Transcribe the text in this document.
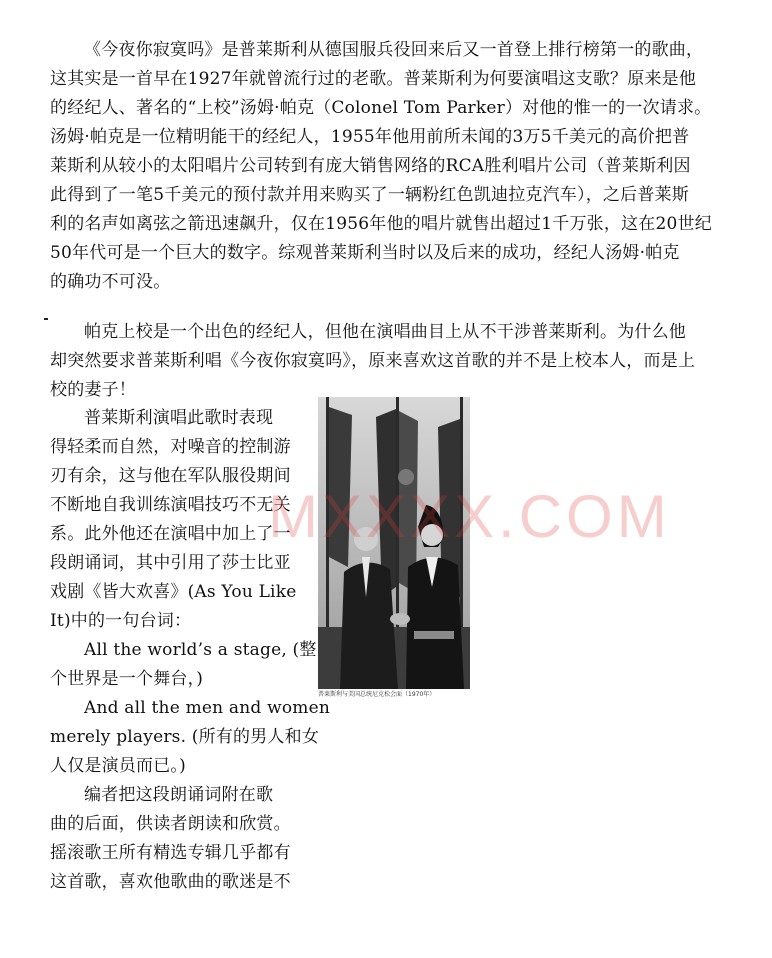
《今夜你寂寞吗》是普莱斯利从德国服兵役回来后又一首登上排行榜第一的歌曲，
这其实是一首早在1927年就曾流行过的老歌。普莱斯利为何要演唱这支歌？原来是他
的经纪人、著名的“上校”汤姆·帕克（Colonel Tom Parker）对他的惟一的一次请求。
汤姆·帕克是一位精明能干的经纪人，1955年他用前所未闻的3万5千美元的高价把普
莱斯利从较小的太阳唱片公司转到有庞大销售网络的RCA胜利唱片公司（普莱斯利因
此得到了一笔5千美元的预付款并用来购买了一辆粉红色凯迪拉克汽车），之后普莱斯
利的名声如离弦之箭迅速飙升，仅在1956年他的唱片就售出超过1千万张，这在20世纪
50年代可是一个巨大的数字。综观普莱斯利当时以及后来的成功，经纪人汤姆·帕克
的确功不可没。
帕克上校是一个出色的经纪人，但他在演唱曲目上从不干涉普莱斯利。为什么他
却突然要求普莱斯利唱《今夜你寂寞吗》，原来喜欢这首歌的并不是上校本人，而是上
校的妻子！
普莱斯利演唱此歌时表现
得轻柔而自然，对噪音的控制游
刃有余，这与他在军队服役期间
不断地自我训练演唱技巧不无关
系。此外他还在演唱中加上了一
段朗诵词，其中引用了莎士比亚
戏剧《皆大欢喜》(As You Like
It)中的一句台词：
All the world’s a stage, (整
个世界是一个舞台，)
And all the men and women
merely players. (所有的男人和女
人仅是演员而已。)
编者把这段朗诵词附在歌
曲的后面，供读者朗读和欣赏。
摇滚歌王所有精选专辑几乎都有
这首歌，喜欢他歌曲的歌迷是不
普莱斯利与美国总统尼克松会面（1970年）
MXXXX.COM
